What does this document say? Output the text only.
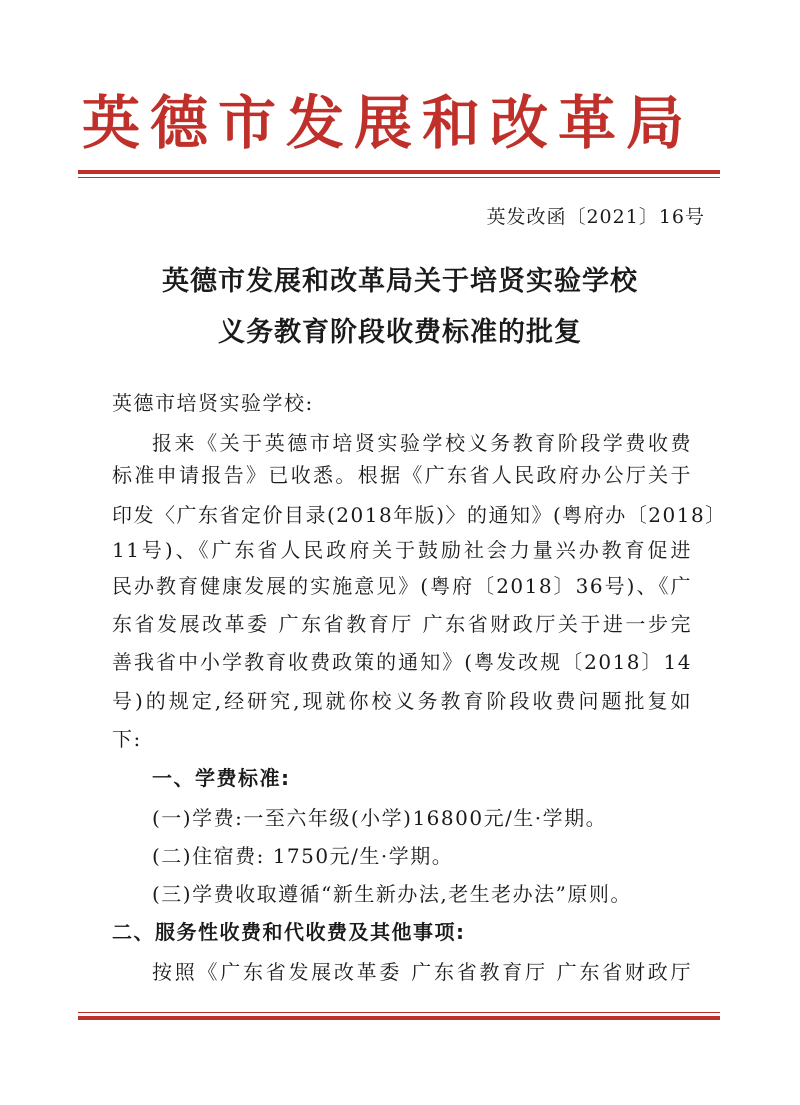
英德市发展和改革局
英发改函〔2021〕16号
英德市发展和改革局关于培贤实验学校
义务教育阶段收费标准的批复
英德市培贤实验学校:
报来《关于英德市培贤实验学校义务教育阶段学费收费
标准申请报告》已收悉。根据《广东省人民政府办公厅关于
印发〈广东省定价目录(2018年版)〉的通知》(粤府办〔2018〕
11号)、《广东省人民政府关于鼓励社会力量兴办教育促进
民办教育健康发展的实施意见》(粤府〔2018〕36号)、《广
东省发展改革委 广东省教育厅 广东省财政厅关于进一步完
善我省中小学教育收费政策的通知》(粤发改规〔2018〕14
号)的规定,经研究,现就你校义务教育阶段收费问题批复如
下:
一、学费标准:
(一)学费:一至六年级(小学)16800元/生·学期。
(二)住宿费: 1750元/生·学期。
(三)学费收取遵循“新生新办法,老生老办法”原则。
二、服务性收费和代收费及其他事项:
按照《广东省发展改革委 广东省教育厅 广东省财政厅
